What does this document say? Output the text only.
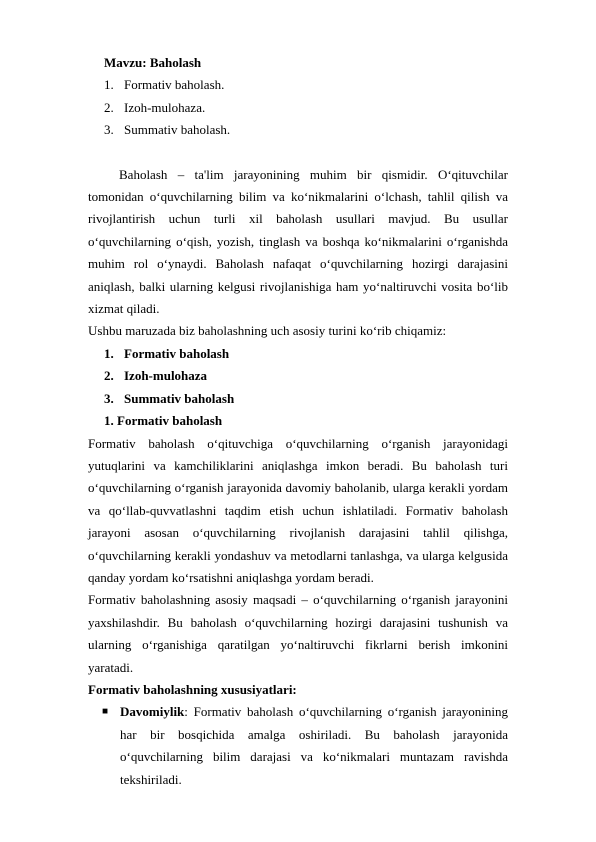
Mavzu: Baholash
1. Formativ baholash.
2. Izoh-mulohaza.
3. Summativ baholash.

Baholash – ta'lim jarayonining muhim bir qismidir. O‘qituvchilar tomonidan o‘quvchilarning bilim va ko‘nikmalarini o‘lchash, tahlil qilish va rivojlantirish uchun turli xil baholash usullari mavjud. Bu usullar o‘quvchilarning o‘qish, yozish, tinglash va boshqa ko‘nikmalarini o‘rganishda muhim rol o‘ynaydi. Baholash nafaqat o‘quvchilarning hozirgi darajasini aniqlash, balki ularning kelgusi rivojlanishiga ham yo‘naltiruvchi vosita bo‘lib xizmat qiladi.

Ushbu maruzada biz baholashning uch asosiy turini ko‘rib chiqamiz:

1. Formativ baholash
2. Izoh-mulohaza
3. Summativ baholash
1. Formativ baholash

Formativ baholash o‘qituvchiga o‘quvchilarning o‘rganish jarayonidagi yutuqlarini va kamchiliklarini aniqlashga imkon beradi. Bu baholash turi o‘quvchilarning o‘rganish jarayonida davomiy baholanib, ularga kerakli yordam va qo‘llab-quvvatlashni taqdim etish uchun ishlatiladi. Formativ baholash jarayoni asosan o‘quvchilarning rivojlanish darajasini tahlil qilishga, o‘quvchilarning kerakli yondashuv va metodlarni tanlashga, va ularga kelgusida qanday yordam ko‘rsatishni aniqlashga yordam beradi.

Formativ baholashning asosiy maqsadi – o‘quvchilarning o‘rganish jarayonini yaxshilashdir. Bu baholash o‘quvchilarning hozirgi darajasini tushunish va ularning o‘rganishiga qaratilgan yo‘naltiruvchi fikrlarni berish imkonini yaratadi.

Formativ baholashning xususiyatlari:
■ Davomiylik: Formativ baholash o‘quvchilarning o‘rganish jarayonining har bir bosqichida amalga oshiriladi. Bu baholash jarayonida o‘quvchilarning bilim darajasi va ko‘nikmalari muntazam ravishda tekshiriladi.
